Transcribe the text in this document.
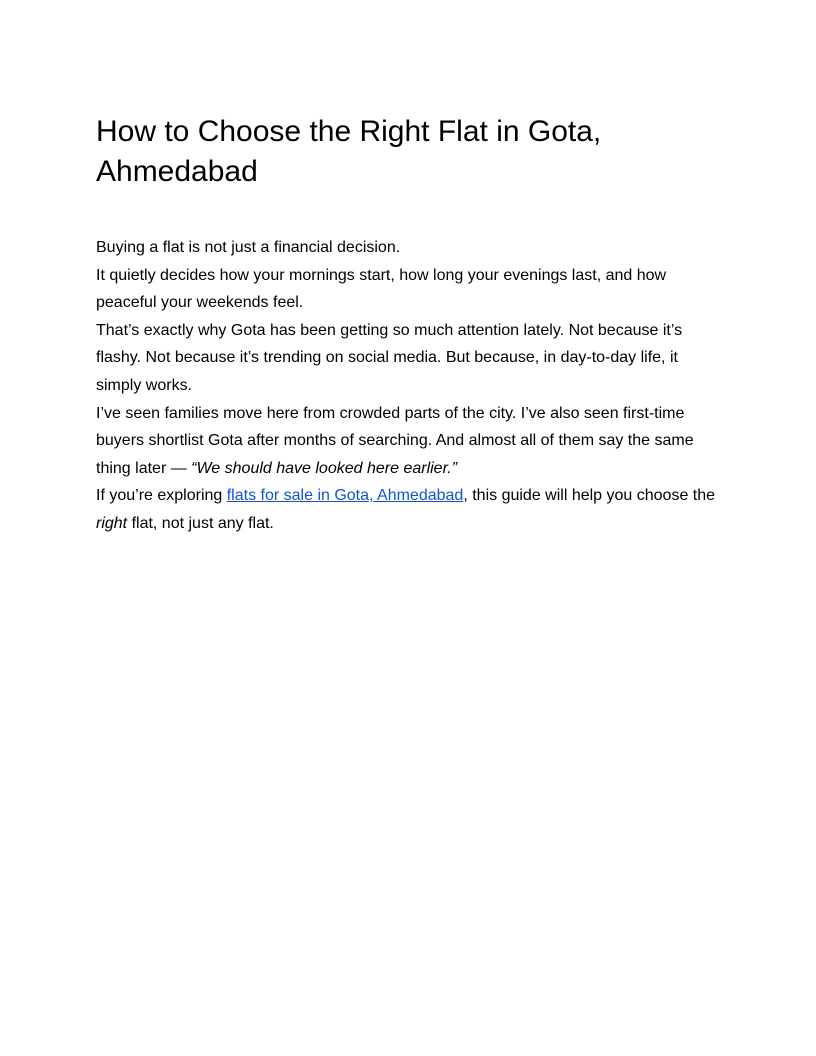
How to Choose the Right Flat in Gota, Ahmedabad

Buying a flat is not just a financial decision.

It quietly decides how your mornings start, how long your evenings last, and how peaceful your weekends feel.

That’s exactly why Gota has been getting so much attention lately. Not because it’s flashy. Not because it’s trending on social media. But because, in day-to-day life, it simply works.

I’ve seen families move here from crowded parts of the city. I’ve also seen first-time buyers shortlist Gota after months of searching. And almost all of them say the same thing later — “We should have looked here earlier.”

If you’re exploring flats for sale in Gota, Ahmedabad, this guide will help you choose the right flat, not just any flat.
